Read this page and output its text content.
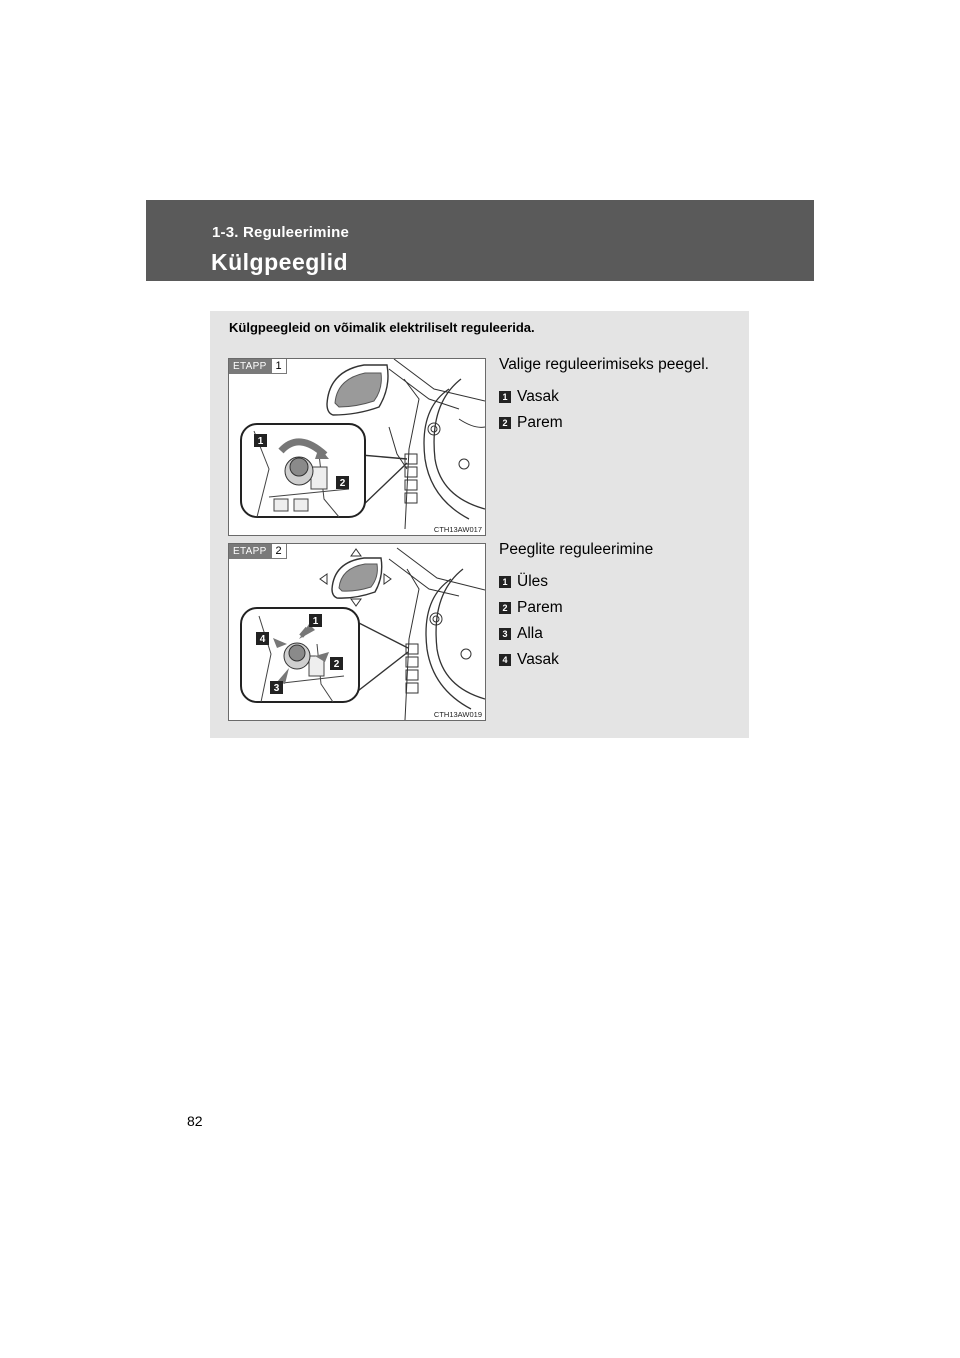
1-3. Reguleerimine
Külgpeeglid
Külgpeegleid on võimalik elektriliselt reguleerida.
ETAPP 1
1
2
CTH13AW017
ETAPP 2
1
2
3
4
CTH13AW019
Valige reguleerimiseks peegel.
1 Vasak
2 Parem
Peeglite reguleerimine
1 Üles
2 Parem
3 Alla
4 Vasak
82
